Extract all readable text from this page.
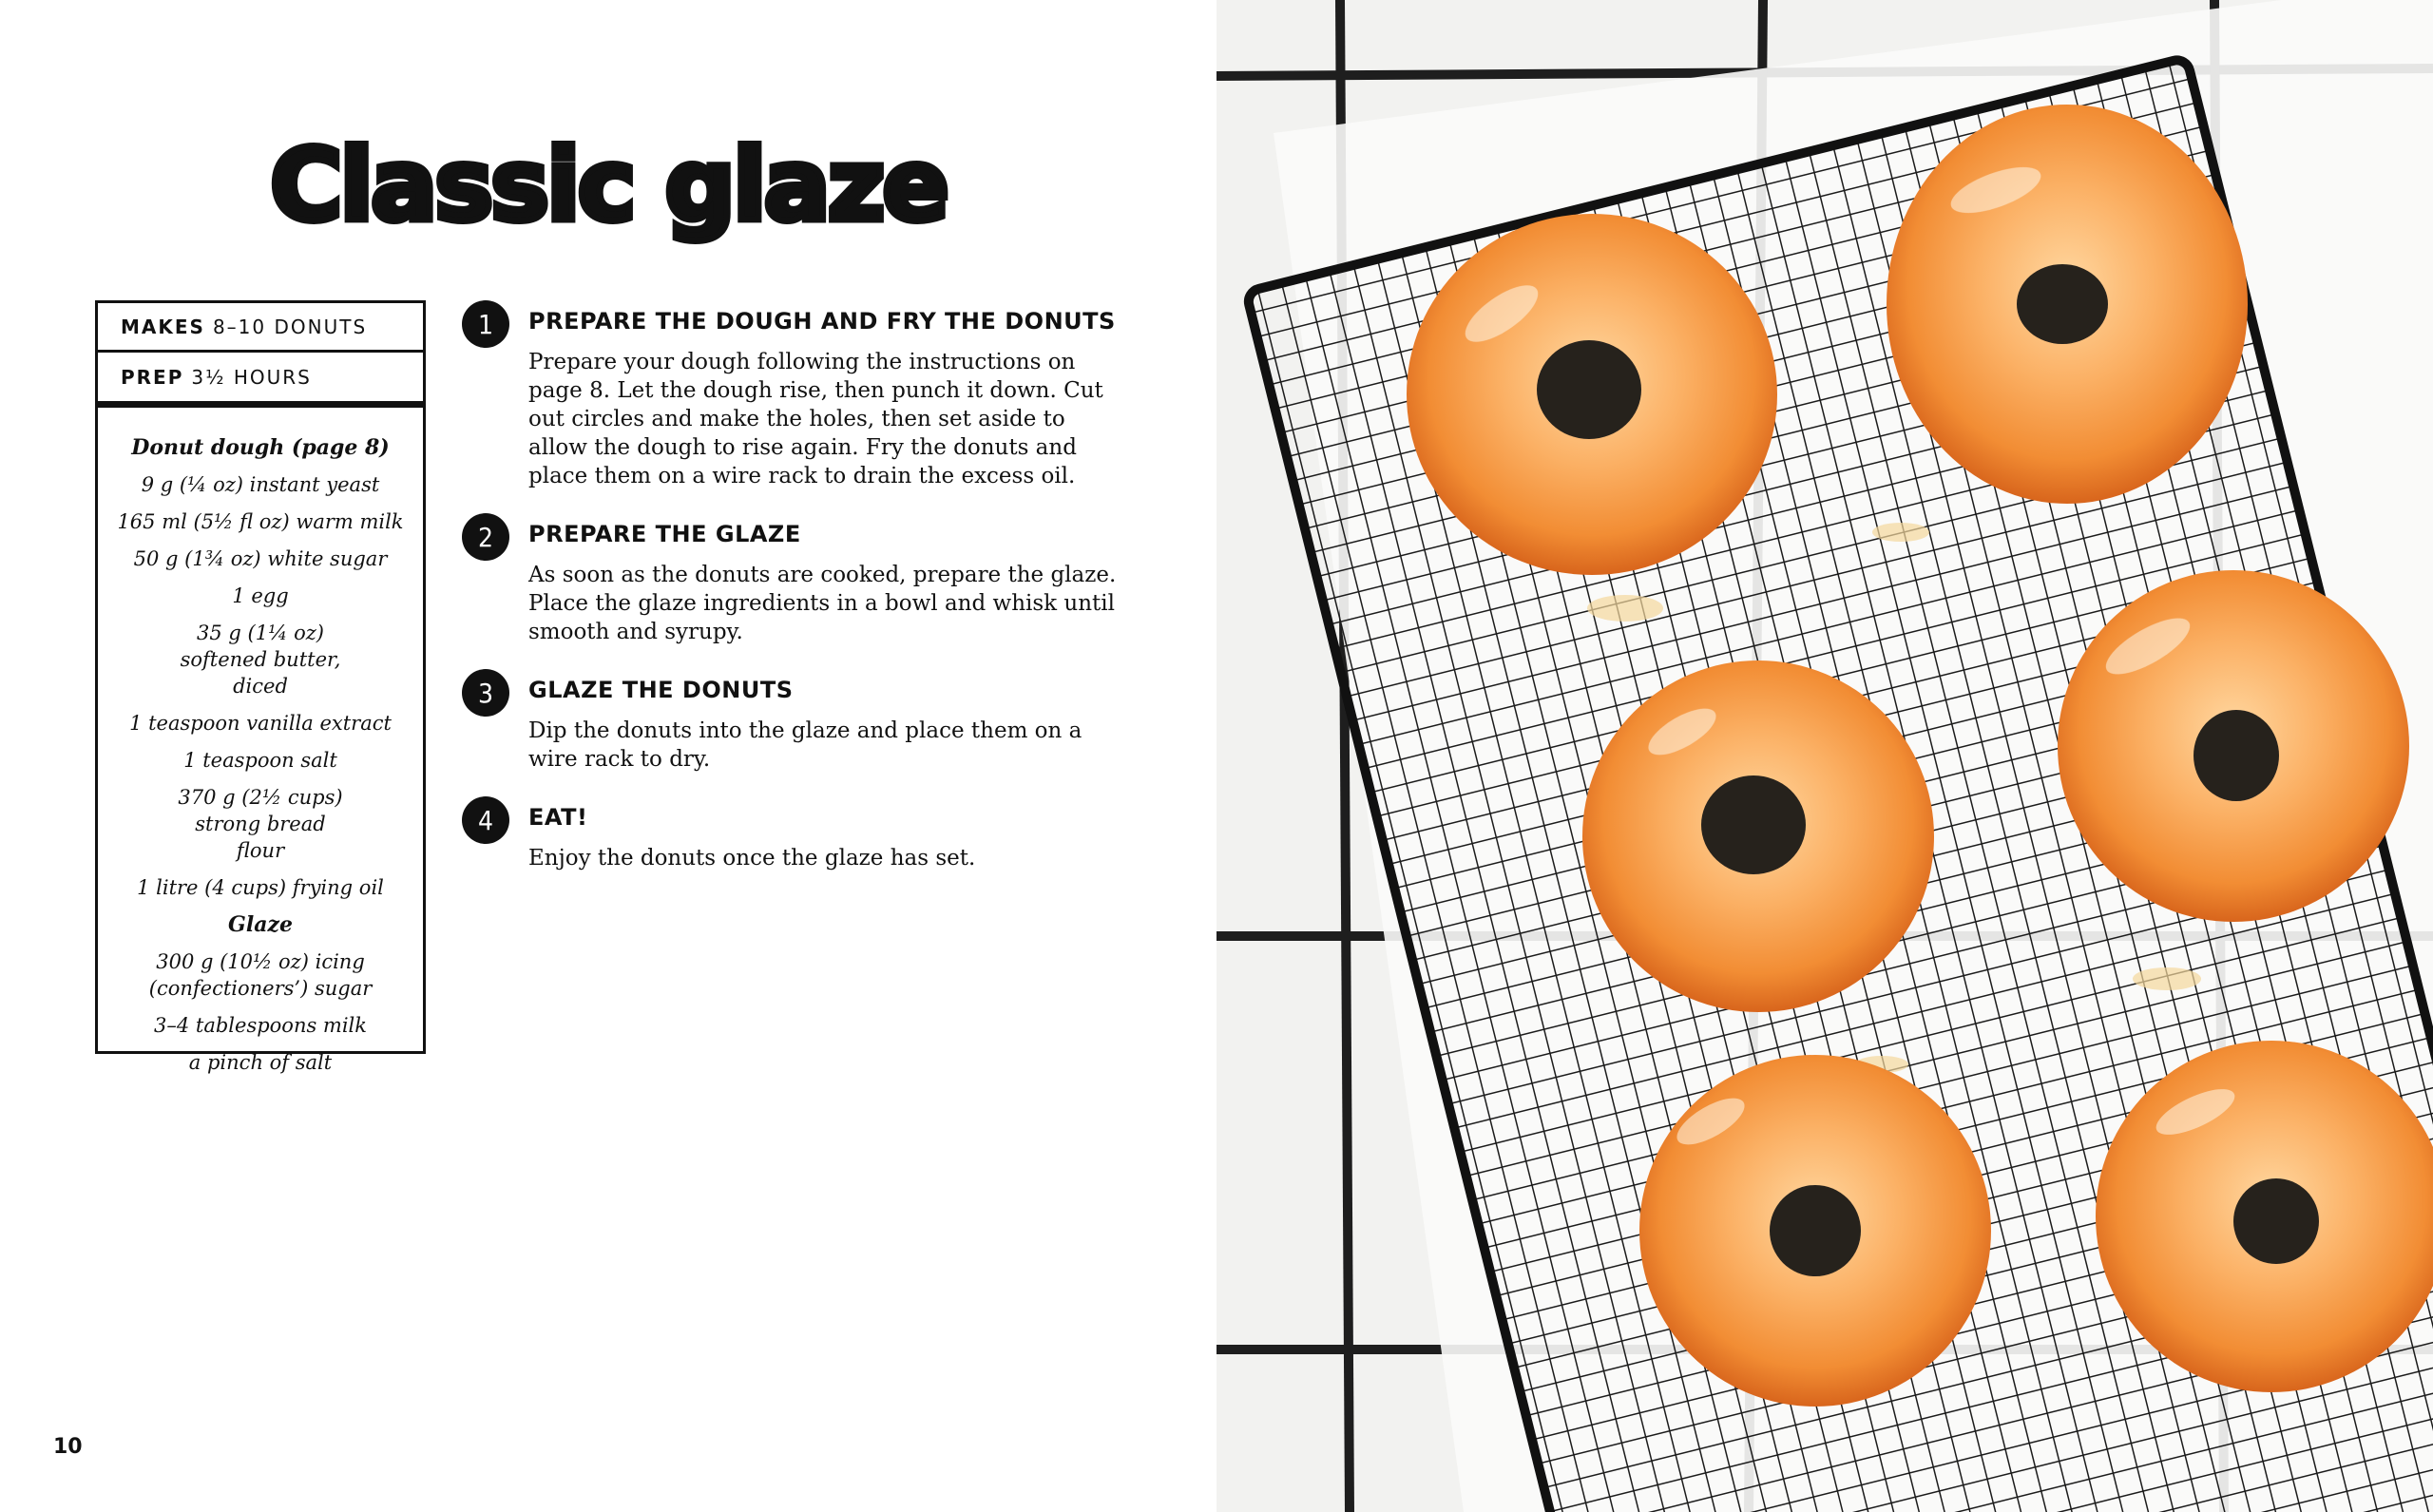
Classic glaze
MAKES 8–10 DONUTS
PREP 3½ HOURS
Donut dough (page 8)
9 g (¼ oz) instant yeast
165 ml (5½ fl oz) warm milk
50 g (1¾ oz) white sugar
1 egg
35 g (1¼ oz) softened butter, diced
1 teaspoon vanilla extract
1 teaspoon salt
370 g (2½ cups) strong bread flour
1 litre (4 cups) frying oil
Glaze
300 g (10½ oz) icing (confectioners’) sugar
3–4 tablespoons milk
a pinch of salt
1	PREPARE THE DOUGH AND FRY THE DONUTS
Prepare your dough following the instructions on page 8. Let the dough rise, then punch it down. Cut out circles and make the holes, then set aside to allow the dough to rise again. Fry the donuts and place them on a wire rack to drain the excess oil.
2	PREPARE THE GLAZE
As soon as the donuts are cooked, prepare the glaze. Place the glaze ingredients in a bowl and whisk until smooth and syrupy.
3	GLAZE THE DONUTS
Dip the donuts into the glaze and place them on a wire rack to dry.
4	EAT!
Enjoy the donuts once the glaze has set.
10
